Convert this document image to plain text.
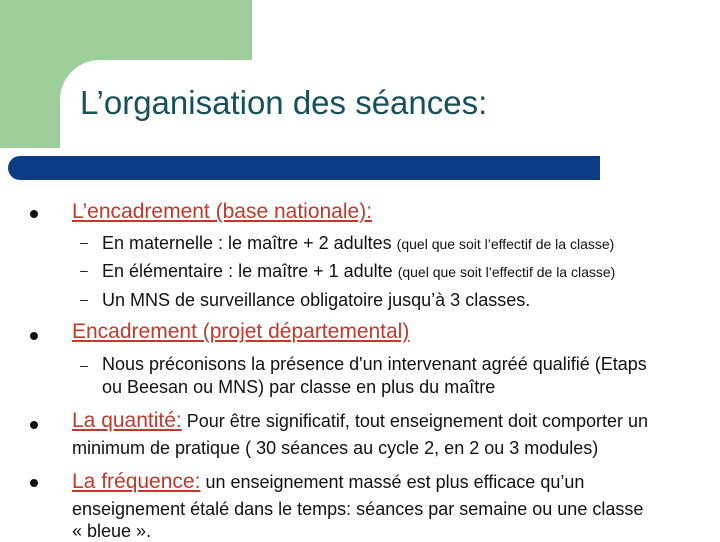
L’organisation des séances:
L’encadrement (base nationale):
– En maternelle : le maître + 2 adultes (quel que soit l’effectif de la classe)
– En élémentaire : le maître + 1 adulte (quel que soit l’effectif de la classe)
– Un MNS de surveillance obligatoire jusqu’à 3 classes.
Encadrement (projet départemental)
– Nous préconisons la présence d'un intervenant agréé qualifié (Etaps
ou Beesan ou MNS) par classe en plus du maître
La quantité: Pour être significatif, tout enseignement doit comporter un
minimum de pratique ( 30 séances au cycle 2, en 2 ou 3 modules)
La fréquence: un enseignement massé est plus efficace qu’un
enseignement étalé dans le temps: séances par semaine ou une classe
« bleue ».
